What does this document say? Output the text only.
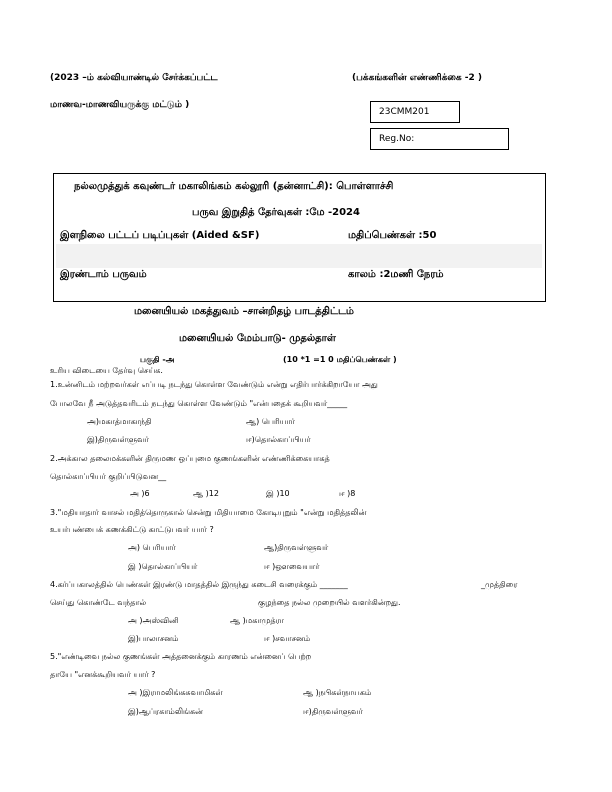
(2023 –ம் கல்வியாண்டில் சேர்க்கப்பட்ட	(பக்கங்களின் எண்ணிக்கை -2 )
மாணவ-மாணவியருக்கு மட்டும் )
23CMM201
Reg.No:
நல்லமுத்துக் கவுண்டர் மகாலிங்கம் கல்லூரி (தன்னாட்சி): பொள்ளாச்சி
பருவ இறுதித் தேர்வுகள் :மே -2024
இளநிலை பட்டப் படிப்புகள் (Aided &SF)	மதிப்பெண்கள் :50
இரண்டாம் பருவம்	காலம் :2மணி நேரம்
மனையியல் மகத்துவம் –சான்றிதழ் பாடத்திட்டம்
மனையியல் மேம்பாடு- முதல்தாள்
பகுதி -அ	(10 *1 =1 0 மதிப்பெண்கள் )
உரிய விடையை தேர்வு செய்க.
1.உன்னிடம் மற்றவர்கள் எப்படி நடந்து கொள்ள வேண்டும் என்று எதிர்பார்க்கிறாயோ அது
போலவே நீ அடுத்தவரிடம் நடந்து கொள்ள வேண்டும் "என்பதைக் கூறியவர்_____
அ)மகாத்மாகாந்தி	ஆ) பெரியார்
இ)திருவள்ளுவர்	ஈ)தொல்காப்பியர்
2.அக்கால தலைமக்களின் திருமண ஒப்புமை குணங்களின் எண்ணிக்கையாகத்
தொல்காப்பியர் குறிப்பிடுவன__
அ )6	ஆ )12	இ )10	ஈ )8
3."மதியாதார் வாசல் மதித்தொருகால் சென்று மிதியாமை கோடியுறும் "என்று மதித்தலின்
உயர்பண்பைக் கணக்கிட்டு காட்டுபவர் யார் ?
அ) பெரியார்	ஆ)திருவள்ளுவர்
இ )தொல்காப்பியர்	ஈ )ஔவையார்
4.கர்ப்பகாலத்தில் பெண்கள் இரண்டு மாதத்தில் இருந்து கடைசி வரைக்கும் _______	_முத்திரை
செய்து கொண்டே வந்தால்	குழந்தை நல்ல முறையில் வளர்கின்றது.
அ )அஸ்வினி	ஆ )மகாமுத்ரா
இ)பாலாசனம்	ஈ )சவாசனம்
5."எண்டிவை நல்ல குணங்கள் அத்தனைக்கும் காரணம் என்னைப் பெற்ற
தாயே "எனக்கூறியவர் யார் ?
அ )இராமலிங்கசுவாமிகள்	ஆ )நபிகள்நாயகம்
இ)ஆப்ரகாம்லிங்கன்	ஈ)திருவள்ளுவர்
